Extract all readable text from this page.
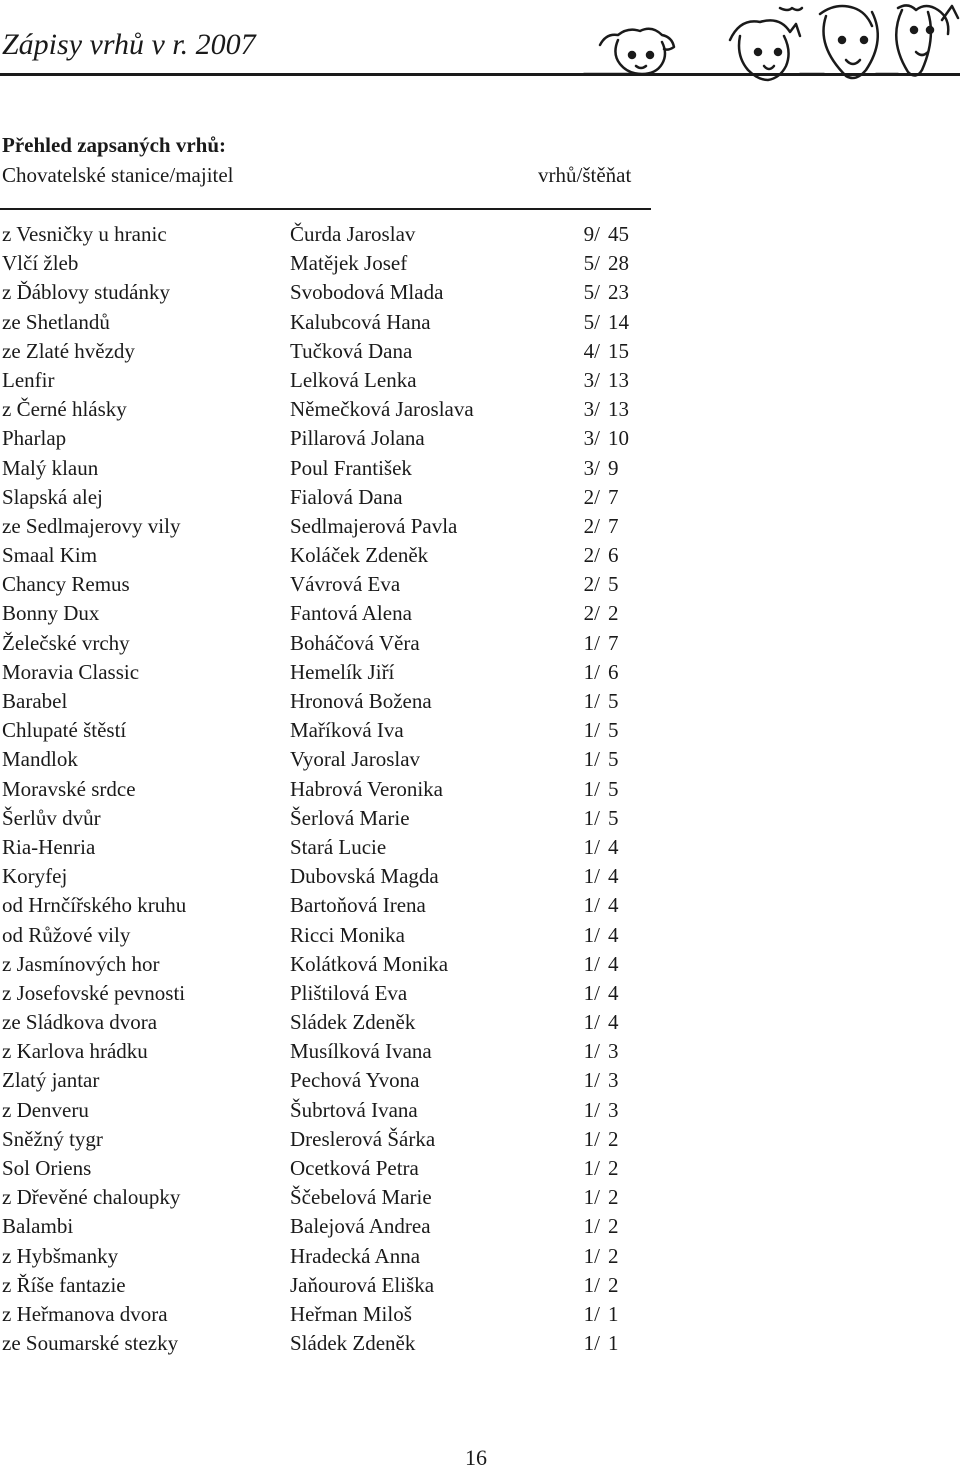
Zápisy vrhů v r. 2007
Přehled zapsaných vrhů:
Chovatelské stanice/majitel	vrhů/štěňat
z Vesničky u hranic	Čurda Jaroslav	9/ 45
Vlčí žleb	Matějek Josef	5/ 28
z Ďáblovy studánky	Svobodová Mlada	5/ 23
ze Shetlandů	Kalubcová Hana	5/ 14
ze Zlaté hvězdy	Tučková Dana	4/ 15
Lenfir	Lelková Lenka	3/ 13
z Černé hlásky	Němečková Jaroslava	3/ 13
Pharlap	Pillarová Jolana	3/ 10
Malý klaun	Poul František	3/ 9
Slapská alej	Fialová Dana	2/ 7
ze Sedlmajerovy vily	Sedlmajerová Pavla	2/ 7
Smaal Kim	Koláček Zdeněk	2/ 6
Chancy Remus	Vávrová Eva	2/ 5
Bonny Dux	Fantová Alena	2/ 2
Želečské vrchy	Boháčová Věra	1/ 7
Moravia Classic	Hemelík Jiří	1/ 6
Barabel	Hronová Božena	1/ 5
Chlupaté štěstí	Maříková Iva	1/ 5
Mandlok	Vyoral Jaroslav	1/ 5
Moravské srdce	Habrová Veronika	1/ 5
Šerlův dvůr	Šerlová Marie	1/ 5
Ria-Henria	Stará Lucie	1/ 4
Koryfej	Dubovská Magda	1/ 4
od Hrnčířského kruhu	Bartoňová Irena	1/ 4
od Růžové vily	Ricci Monika	1/ 4
z Jasmínových hor	Kolátková Monika	1/ 4
z Josefovské pevnosti	Plištilová Eva	1/ 4
ze Sládkova dvora	Sládek Zdeněk	1/ 4
z Karlova hrádku	Musílková Ivana	1/ 3
Zlatý jantar	Pechová Yvona	1/ 3
z Denveru	Šubrtová Ivana	1/ 3
Sněžný tygr	Dreslerová Šárka	1/ 2
Sol Oriens	Ocetková Petra	1/ 2
z Dřevěné chaloupky	Ščebelová Marie	1/ 2
Balambi	Balejová Andrea	1/ 2
z Hybšmanky	Hradecká Anna	1/ 2
z Říše fantazie	Jaňourová Eliška	1/ 2
z Heřmanova dvora	Heřman Miloš	1/ 1
ze Soumarské stezky	Sládek Zdeněk	1/ 1
16
